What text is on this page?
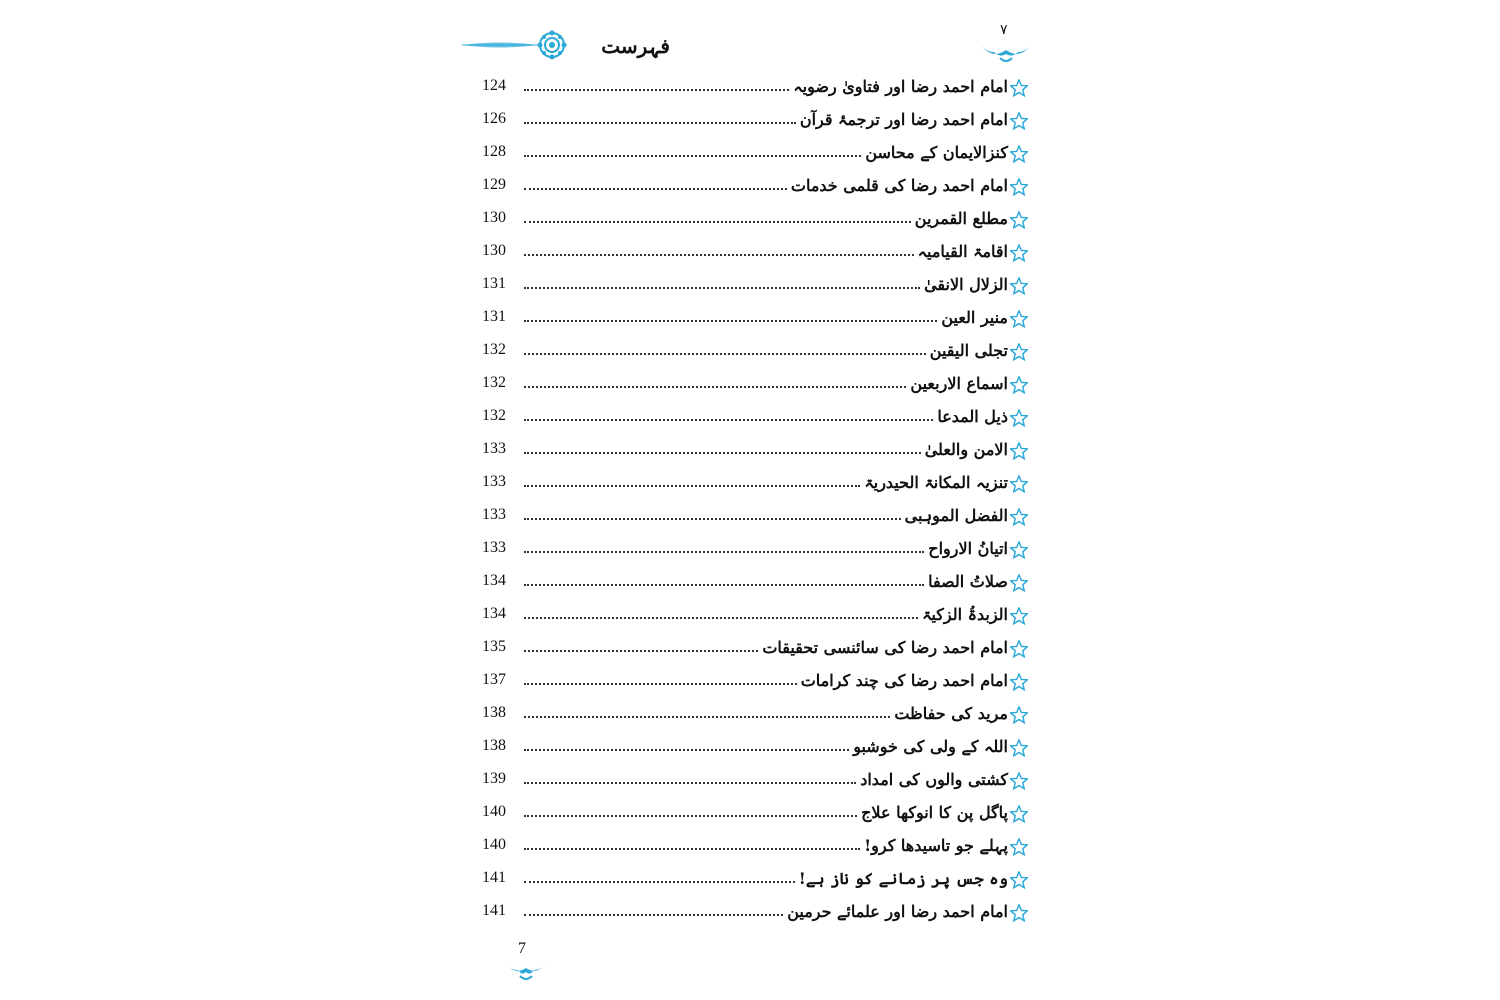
فہرست
۷
امام احمد رضا اور فتاویٰ رضویہ
124
امام احمد رضا اور ترجمۂ قرآن
126
کنزالایمان کے محاسن
128
امام احمد رضا کی قلمی خدمات
129
مطلع القمرین
130
اقامۃ القیامیہ
130
الزلال الانقیٰ
131
منیر العین
131
تجلی الیقین
132
اسماع الاربعین
132
ذیل المدعا
132
الامن والعلیٰ
133
تنزیہ المکانۃ الحیدریۃ
133
الفضل الموہبی
133
اتیانُ الارواح
133
صلاتُ الصفا
134
الزبدۃُ الزکیۃ
134
امام احمد رضا کی سائنسی تحقیقات
135
امام احمد رضا کی چند کرامات
137
مرید کی حفاظت
138
اللہ کے ولی کی خوشبو
138
کشتی والوں کی امداد
139
پاگل پن کا انوکھا علاج
140
پہلے جو تاسیدھا کرو!
140
وہ جس پر زمانے کو ناز ہے!
141
امام احمد رضا اور علمائے حرمین
141
7
